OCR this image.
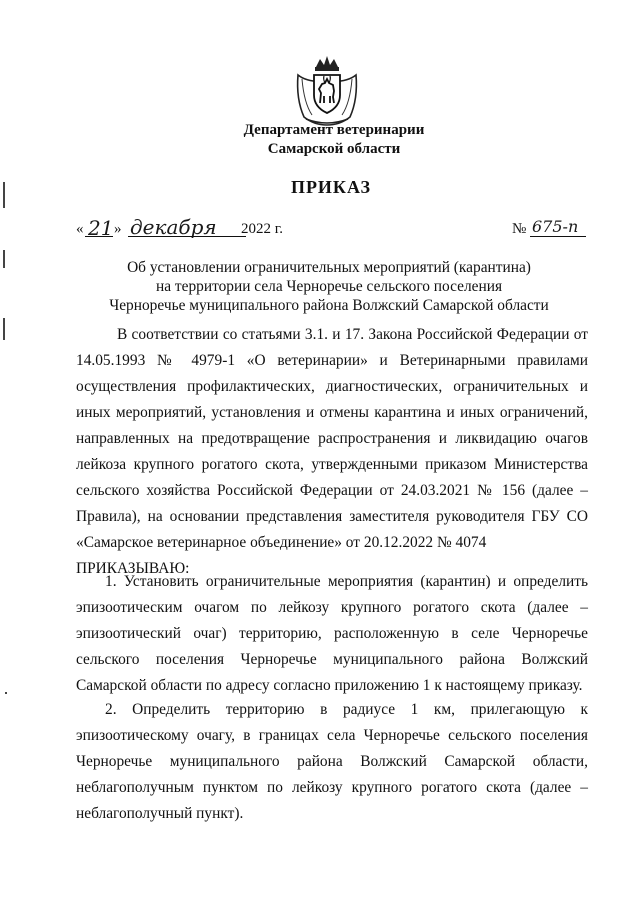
Департамент ветеринарии
Самарской области
ПРИКАЗ
« 21 » декабря 2022 г.	№ 675-п
Об установлении ограничительных мероприятий (карантина)
на территории села Черноречье сельского поселения
Черноречье муниципального района Волжский Самарской области

В соответствии со статьями 3.1. и 17. Закона Российской Федерации от 14.05.1993 № 4979-1 «О ветеринарии» и Ветеринарными правилами осуществления профилактических, диагностических, ограничительных и иных мероприятий, установления и отмены карантина и иных ограничений, направленных на предотвращение распространения и ликвидацию очагов лейкоза крупного рогатого скота, утвержденными приказом Министерства сельского хозяйства Российской Федерации от 24.03.2021 № 156 (далее – Правила), на основании представления заместителя руководителя ГБУ СО «Самарское ветеринарное объединение» от 20.12.2022 № 4074

ПРИКАЗЫВАЮ:

1. Установить ограничительные мероприятия (карантин) и определить эпизоотическим очагом по лейкозу крупного рогатого скота (далее – эпизоотический очаг) территорию, расположенную в селе Черноречье сельского поселения Черноречье муниципального района Волжский Самарской области по адресу согласно приложению 1 к настоящему приказу.

2. Определить территорию в радиусе 1 км, прилегающую к эпизоотическому очагу, в границах села Черноречье сельского поселения Черноречье муниципального района Волжский Самарской области, неблагополучным пунктом по лейкозу крупного рогатого скота (далее – неблагополучный пункт).
